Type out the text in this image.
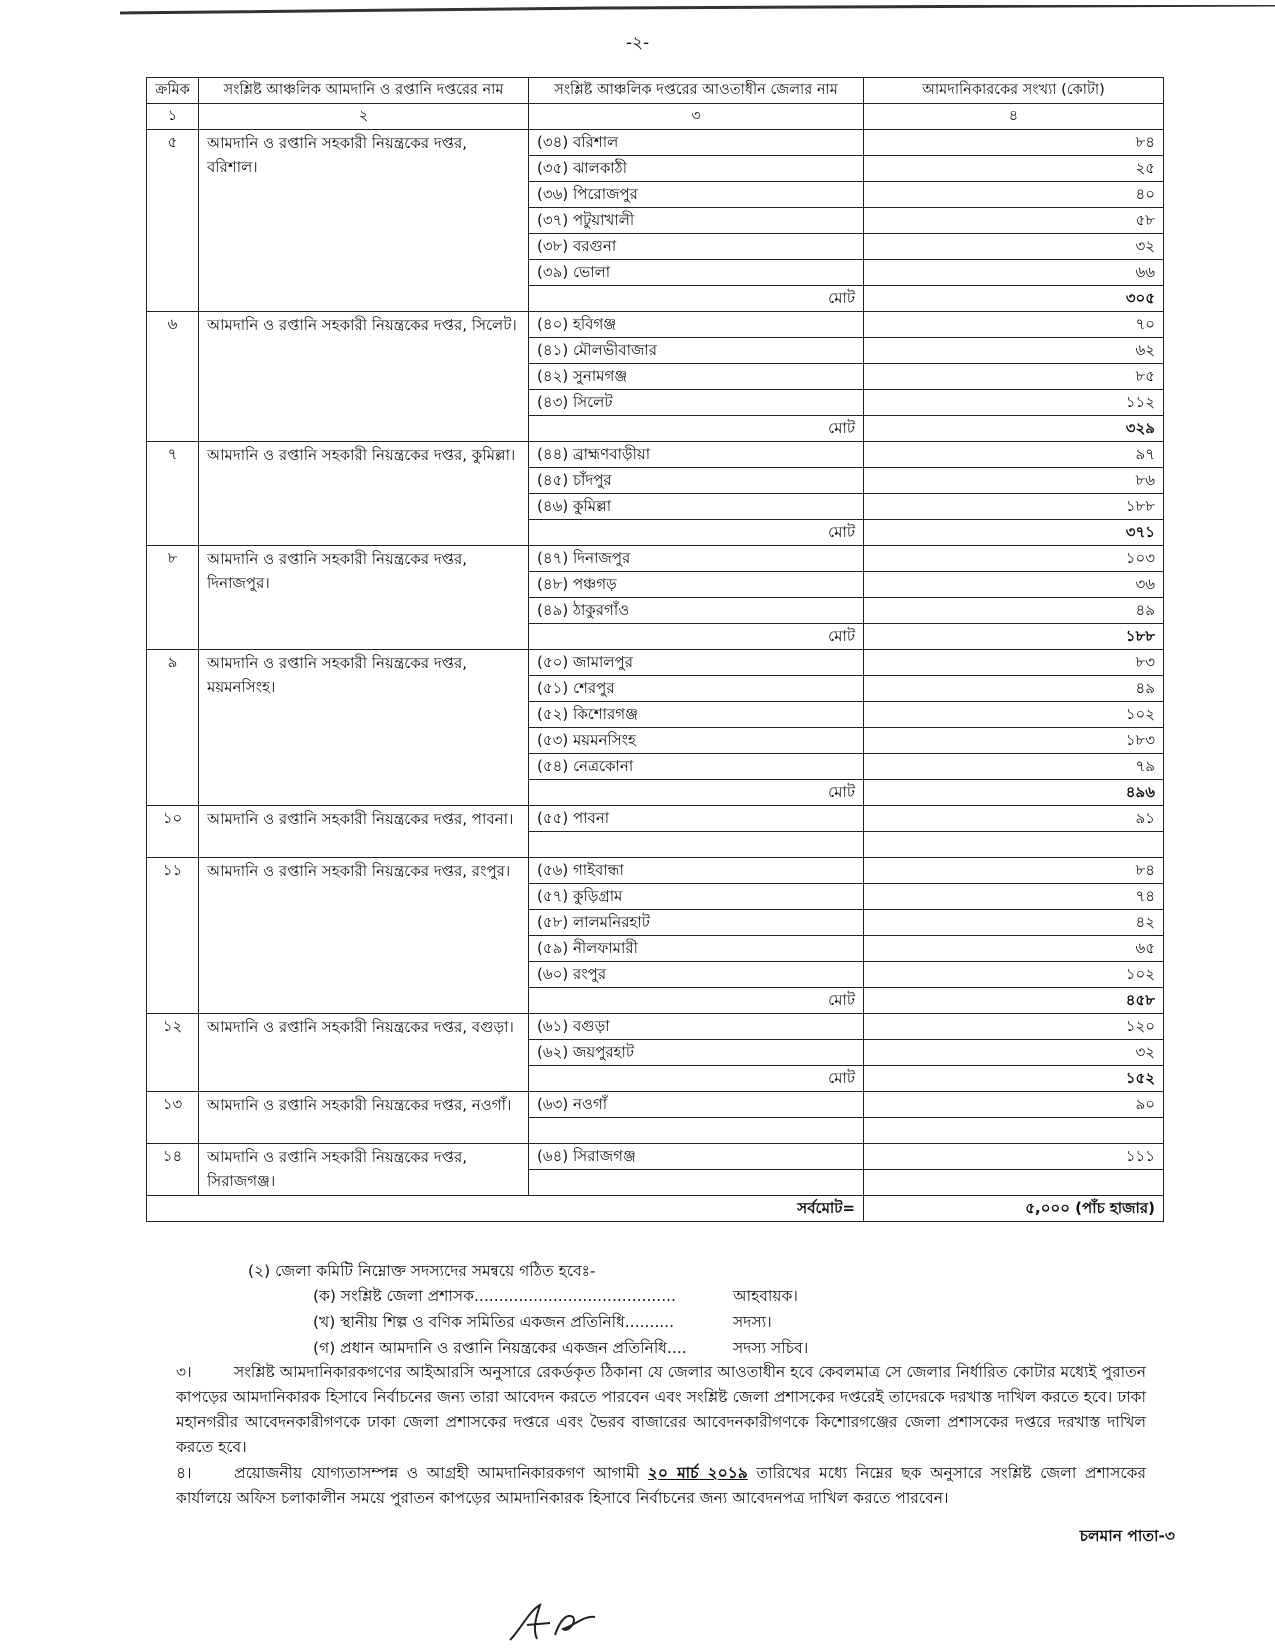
-২-
ক্রমিক	সংশ্লিষ্ট আঞ্চলিক আমদানি ও রপ্তানি দপ্তরের নাম	সংশ্লিষ্ট আঞ্চলিক দপ্তরের আওতাধীন জেলার নাম	আমদানিকারকের সংখ্যা (কোটা)
১	২	৩	৪
৫	আমদানি ও রপ্তানি সহকারী নিয়ন্ত্রকের দপ্তর, বরিশাল।	(৩৪) বরিশাল	৮৪
		(৩৫) ঝালকাঠী	২৫
		(৩৬) পিরোজপুর	৪০
		(৩৭) পটুয়াখালী	৫৮
		(৩৮) বরগুনা	৩২
		(৩৯) ভোলা	৬৬
		মোট	৩০৫
৬	আমদানি ও রপ্তানি সহকারী নিয়ন্ত্রকের দপ্তর, সিলেট।	(৪০) হবিগঞ্জ	৭০
		(৪১) মৌলভীবাজার	৬২
		(৪২) সুনামগঞ্জ	৮৫
		(৪৩) সিলেট	১১২
		মোট	৩২৯
৭	আমদানি ও রপ্তানি সহকারী নিয়ন্ত্রকের দপ্তর, কুমিল্লা।	(৪৪) ব্রাহ্মণবাড়ীয়া	৯৭
		(৪৫) চাঁদপুর	৮৬
		(৪৬) কুমিল্লা	১৮৮
		মোট	৩৭১
৮	আমদানি ও রপ্তানি সহকারী নিয়ন্ত্রকের দপ্তর, দিনাজপুর।	(৪৭) দিনাজপুর	১০৩
		(৪৮) পঞ্চগড়	৩৬
		(৪৯) ঠাকুরগাঁও	৪৯
		মোট	১৮৮
৯	আমদানি ও রপ্তানি সহকারী নিয়ন্ত্রকের দপ্তর, ময়মনসিংহ।	(৫০) জামালপুর	৮৩
		(৫১) শেরপুর	৪৯
		(৫২) কিশোরগঞ্জ	১০২
		(৫৩) ময়মনসিংহ	১৮৩
		(৫৪) নেত্রকোনা	৭৯
		মোট	৪৯৬
১০	আমদানি ও রপ্তানি সহকারী নিয়ন্ত্রকের দপ্তর, পাবনা।	(৫৫) পাবনা	৯১

১১	আমদানি ও রপ্তানি সহকারী নিয়ন্ত্রকের দপ্তর, রংপুর।	(৫৬) গাইবান্ধা	৮৪
		(৫৭) কুড়িগ্রাম	৭৪
		(৫৮) লালমনিরহাট	৪২
		(৫৯) নীলফামারী	৬৫
		(৬০) রংপুর	১০২
		মোট	৪৫৮
১২	আমদানি ও রপ্তানি সহকারী নিয়ন্ত্রকের দপ্তর, বগুড়া।	(৬১) বগুড়া	১২০
		(৬২) জয়পুরহাট	৩২
		মোট	১৫২
১৩	আমদানি ও রপ্তানি সহকারী নিয়ন্ত্রকের দপ্তর, নওগাঁ।	(৬৩) নওগাঁ	৯০

১৪	আমদানি ও রপ্তানি সহকারী নিয়ন্ত্রকের দপ্তর, সিরাজগঞ্জ।	(৬৪) সিরাজগঞ্জ	১১১

সর্বমোট=			৫,০০০ (পাঁচ হাজার)
(২) জেলা কমিটি নিম্নোক্ত সদস্যদের সমন্বয়ে গঠিত হবেঃ-
(ক) সংশ্লিষ্ট জেলা প্রশাসক.........................................	আহবায়ক।
(খ) স্থানীয় শিল্প ও বণিক সমিতির একজন প্রতিনিধি..........	সদস্য।
(গ) প্রধান আমদানি ও রপ্তানি নিয়ন্ত্রকের একজন প্রতিনিধি....	সদস্য সচিব।
৩।	সংশ্লিষ্ট আমদানিকারকগণের আইআরসি অনুসারে রেকর্ডকৃত ঠিকানা যে জেলার আওতাধীন হবে কেবলমাত্র সে জেলার নির্ধারিত কোটার মধ্যেই পুরাতন কাপড়ের আমদানিকারক হিসাবে নির্বাচনের জন্য তারা আবেদন করতে পারবেন এবং সংশ্লিষ্ট জেলা প্রশাসকের দপ্তরেই তাদেরকে দরখাস্ত দাখিল করতে হবে। ঢাকা মহানগরীর আবেদনকারীগণকে ঢাকা জেলা প্রশাসকের দপ্তরে এবং ভৈরব বাজারের আবেদনকারীগণকে কিশোরগঞ্জের জেলা প্রশাসকের দপ্তরে দরখাস্ত দাখিল করতে হবে।
৪।	প্রয়োজনীয় যোগ্যতাসম্পন্ন ও আগ্রহী আমদানিকারকগণ আগামী ২০ মার্চ ২০১৯ তারিখের মধ্যে নিম্নের ছক অনুসারে সংশ্লিষ্ট জেলা প্রশাসকের কার্যালয়ে অফিস চলাকালীন সময়ে পুরাতন কাপড়ের আমদানিকারক হিসাবে নির্বাচনের জন্য আবেদনপত্র দাখিল করতে পারবেন।
চলমান পাতা-৩
